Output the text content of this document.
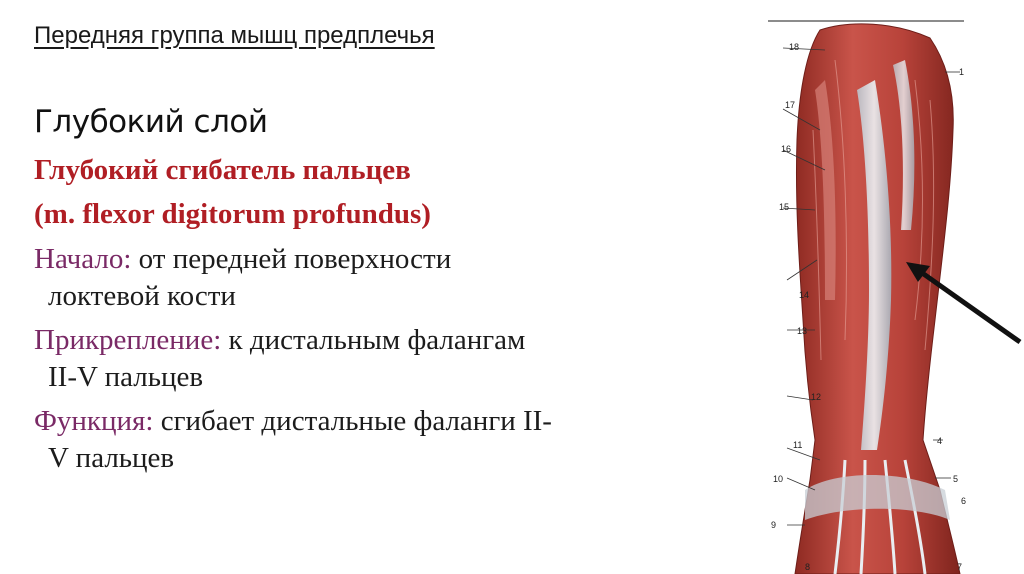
Передняя группа мышц предплечья
Глубокий слой

Глубокий сгибатель пальцев

(m. flexor digitorum profundus)

Начало: от передней поверхности локтевой кости

Прикрепление: к дистальным фалангам II-V пальцев

Функция: сгибает дистальные фаланги II-V пальцев

18
1
17
16
15
14
13
12
11	4
10	5
6
9
8	7
